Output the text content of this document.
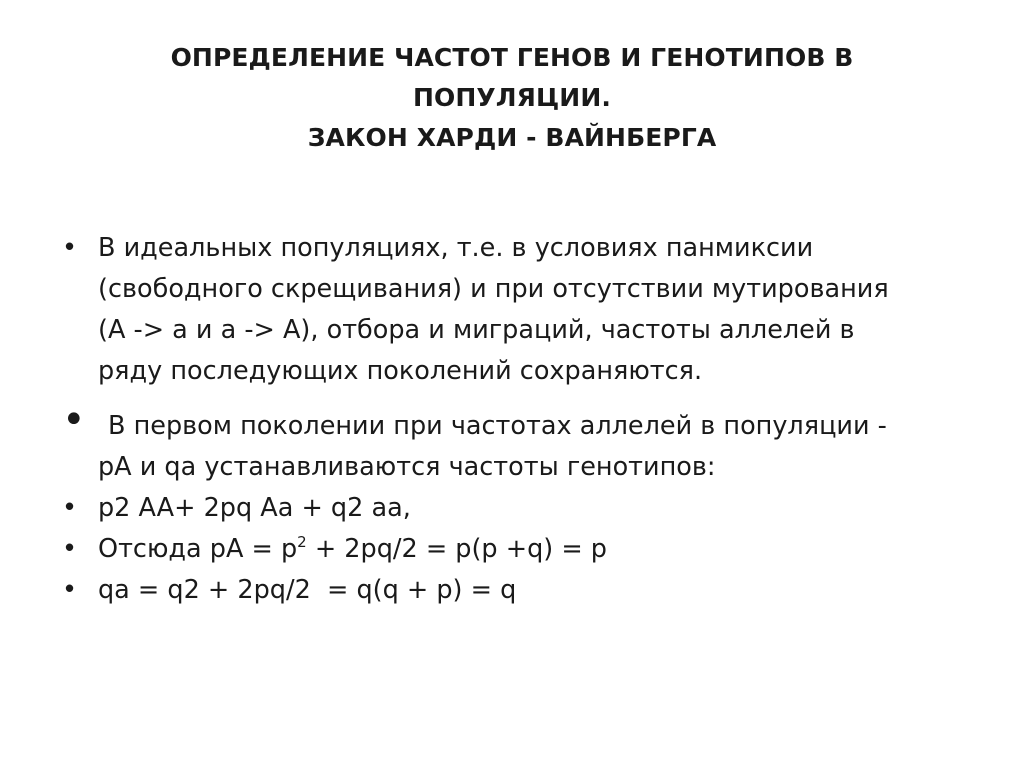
ОПРЕДЕЛЕНИЕ ЧАСТОТ ГЕНОВ И ГЕНОТИПОВ В
ПОПУЛЯЦИИ.
ЗАКОН ХАРДИ - ВАЙНБЕРГА
• В идеальных популяциях, т.е. в условиях панмиксии
(свободного скрещивания) и при отсутствии мутирования
(А -> а и а -> А), отбора и миграций, частоты аллелей в
ряду последующих поколений сохраняются.
• В первом поколении при частотах аллелей в популяции -
рА и qа устанавливаются частоты генотипов:
• p2 AA+ 2pq Aa + q2 aa,
• Отсюда рА = $р^2 + 2pq/2 = p(p +q) = p$
• qa = q2 + 2pq/2  = q(q + p) = q
